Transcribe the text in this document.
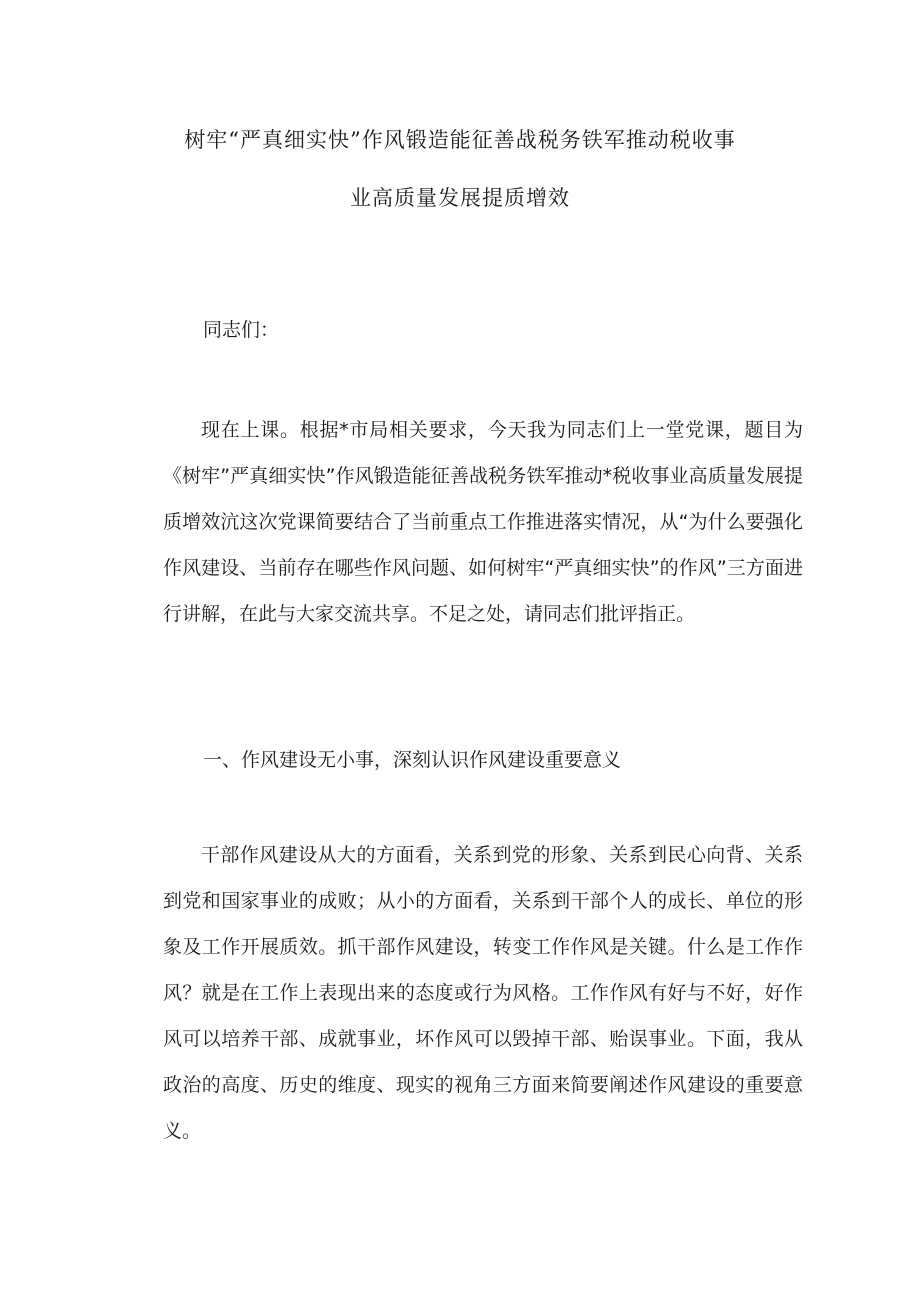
树牢“严真细实快”作风锻造能征善战税务铁军推动税收事
业高质量发展提质增效
同志们：
现在上课。根据*市局相关要求，今天我为同志们上一堂党课，题目为《树牢”严真细实快”作风锻造能征善战税务铁军推动*税收事业高质量发展提质增效沆这次党课简要结合了当前重点工作推进落实情况，从“为什么要强化作风建设、当前存在哪些作风问题、如何树牢“严真细实快”的作风”三方面进行讲解，在此与大家交流共享。不足之处，请同志们批评指正。
一、作风建设无小事，深刻认识作风建设重要意义
干部作风建设从大的方面看，关系到党的形象、关系到民心向背、关系到党和国家事业的成败；从小的方面看，关系到干部个人的成长、单位的形象及工作开展质效。抓干部作风建设，转变工作作风是关键。什么是工作作风？就是在工作上表现出来的态度或行为风格。工作作风有好与不好，好作风可以培养干部、成就事业，坏作风可以毁掉干部、贻误事业。下面，我从政治的高度、历史的维度、现实的视角三方面来简要阐述作风建设的重要意义。
